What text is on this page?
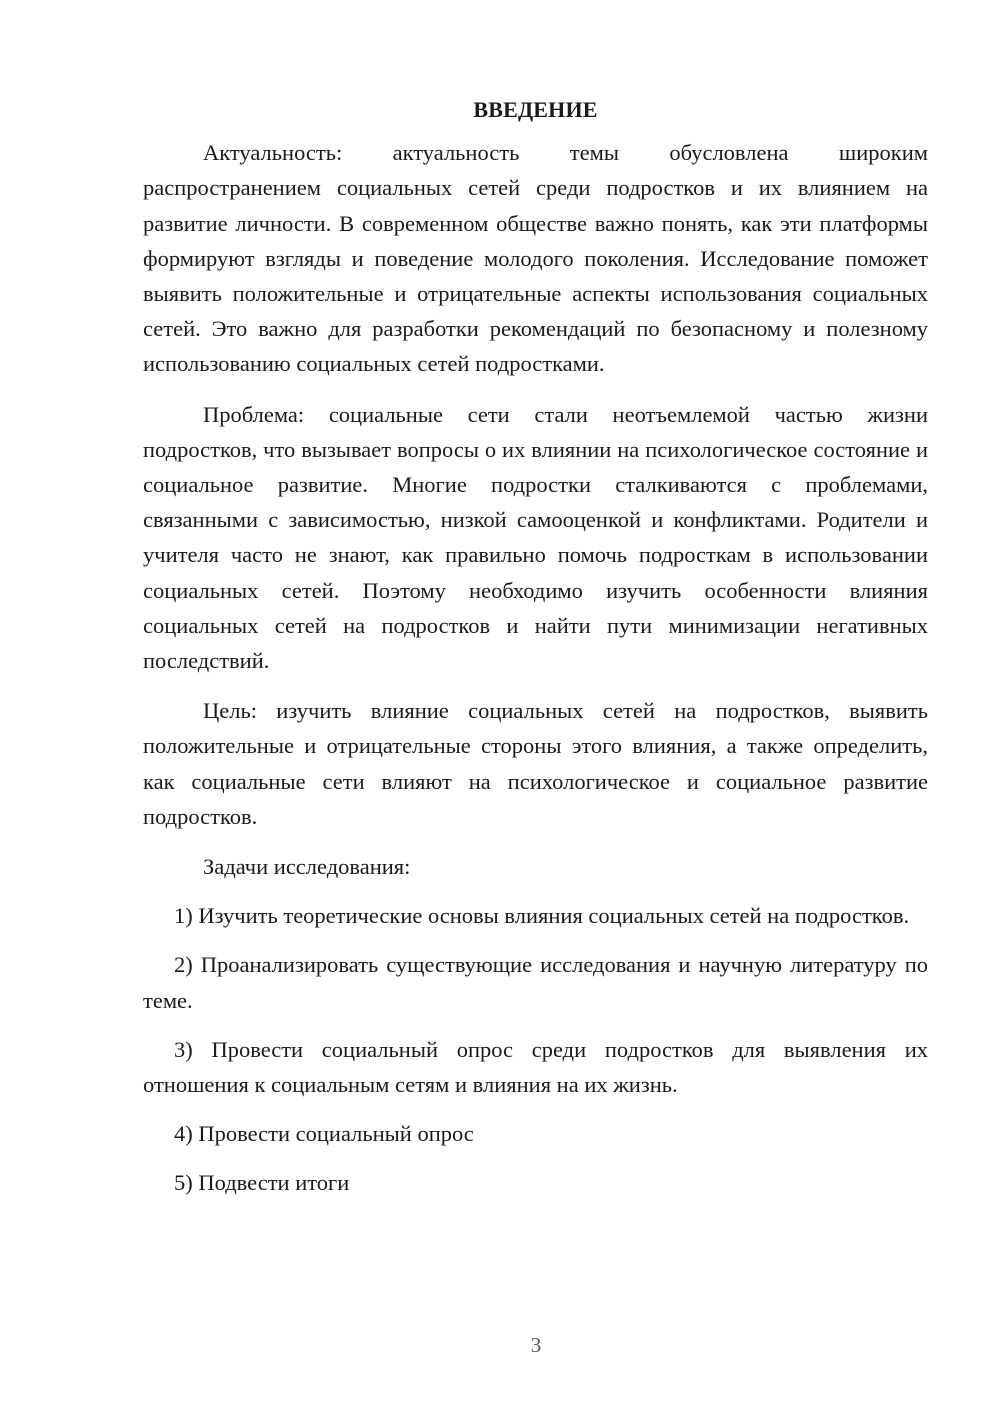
ВВЕДЕНИЕ

Актуальность: актуальность темы обусловлена широким распространением социальных сетей среди подростков и их влиянием на развитие личности. В современном обществе важно понять, как эти платформы формируют взгляды и поведение молодого поколения. Исследование поможет выявить положительные и отрицательные аспекты использования социальных сетей. Это важно для разработки рекомендаций по безопасному и полезному использованию социальных сетей подростками.

Проблема: социальные сети стали неотъемлемой частью жизни подростков, что вызывает вопросы о их влиянии на психологическое состояние и социальное развитие. Многие подростки сталкиваются с проблемами, связанными с зависимостью, низкой самооценкой и конфликтами. Родители и учителя часто не знают, как правильно помочь подросткам в использовании социальных сетей. Поэтому необходимо изучить особенности влияния социальных сетей на подростков и найти пути минимизации негативных последствий.

Цель: изучить влияние социальных сетей на подростков, выявить положительные и отрицательные стороны этого влияния, а также определить, как социальные сети влияют на психологическое и социальное развитие подростков.

Задачи исследования:

1) Изучить теоретические основы влияния социальных сетей на подростков.

2) Проанализировать существующие исследования и научную литературу по теме.

3) Провести социальный опрос среди подростков для выявления их отношения к социальным сетям и влияния на их жизнь.

4) Провести социальный опрос

5) Подвести итоги

3
